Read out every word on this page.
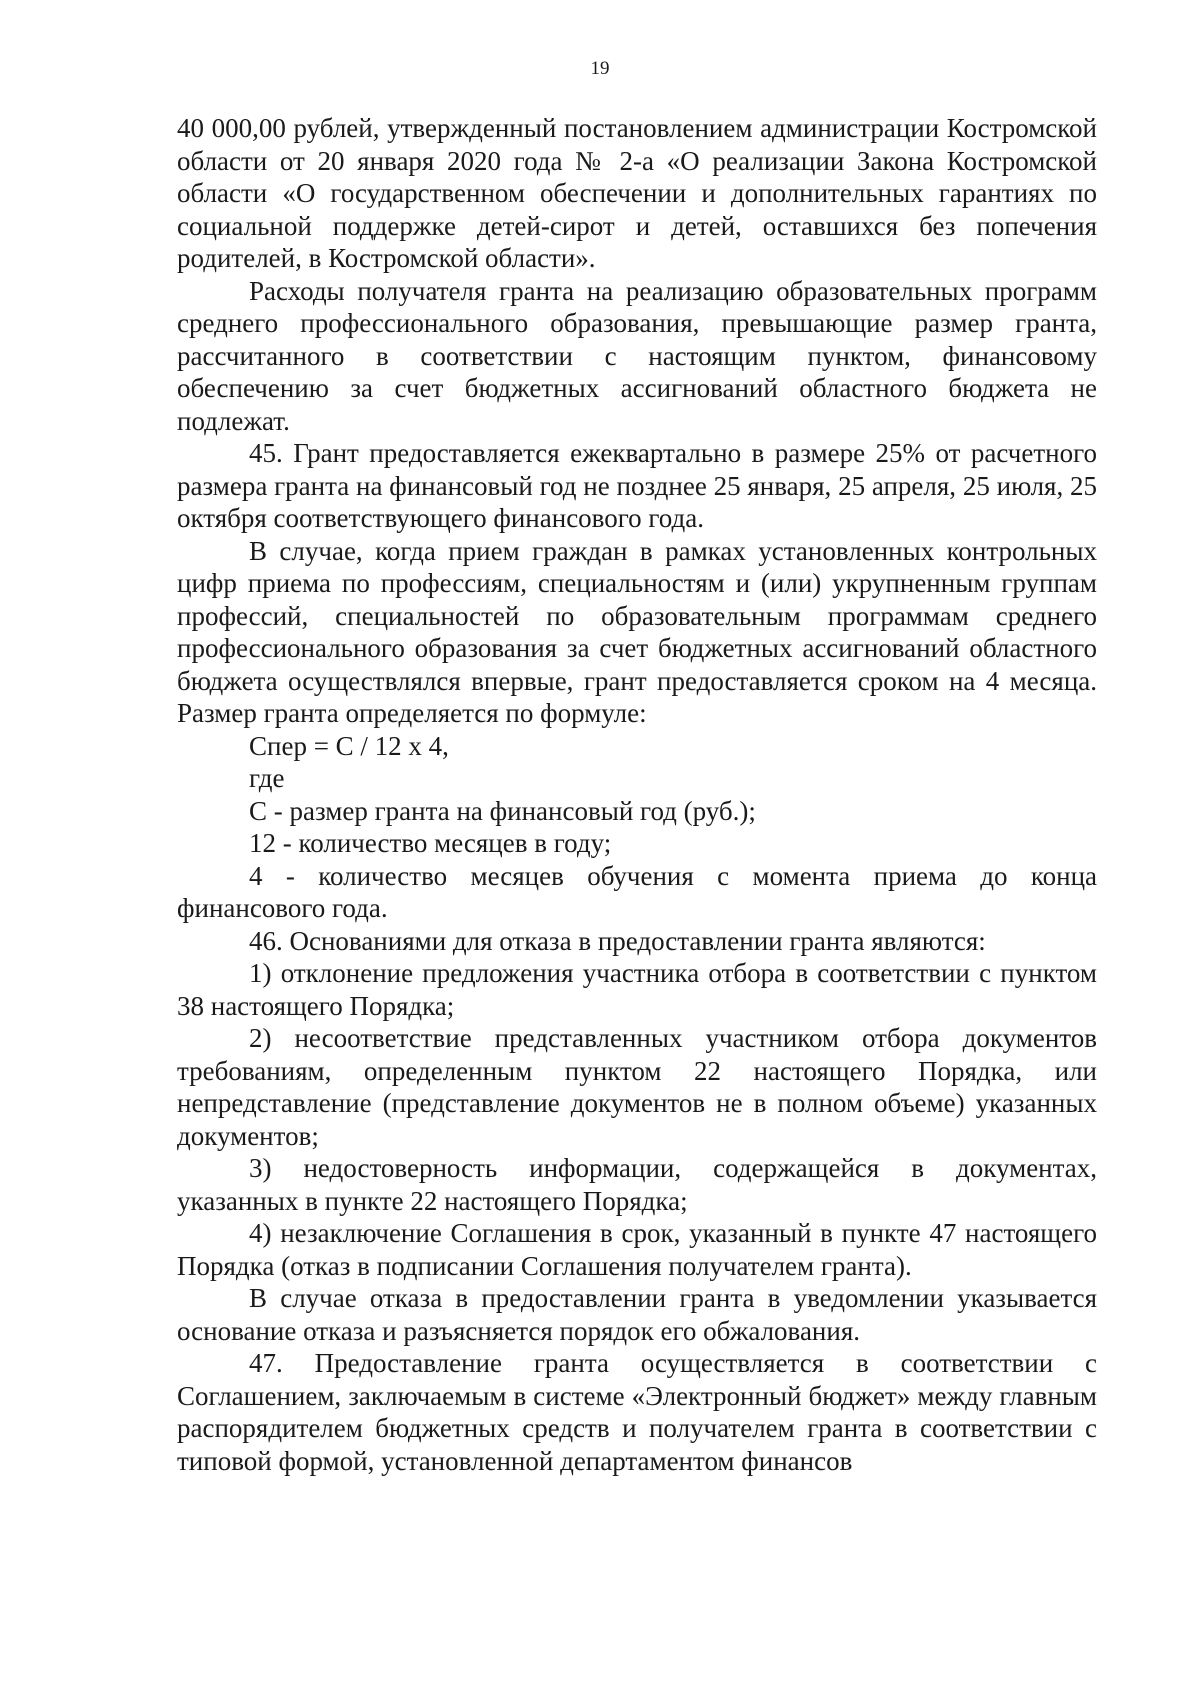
19

40 000,00 рублей, утвержденный постановлением администрации Костромской области от 20 января 2020 года № 2-а «О реализации Закона Костромской области «О государственном обеспечении и дополнительных гарантиях по социальной поддержке детей-сирот и детей, оставшихся без попечения родителей, в Костромской области».

Расходы получателя гранта на реализацию образовательных программ среднего профессионального образования, превышающие размер гранта, рассчитанного в соответствии с настоящим пунктом, финансовому обеспечению за счет бюджетных ассигнований областного бюджета не подлежат.

45. Грант предоставляется ежеквартально в размере 25% от расчетного размера гранта на финансовый год не позднее 25 января, 25 апреля, 25 июля, 25 октября соответствующего финансового года.

В случае, когда прием граждан в рамках установленных контрольных цифр приема по профессиям, специальностям и (или) укрупненным группам профессий, специальностей по образовательным программам среднего профессионального образования за счет бюджетных ассигнований областного бюджета осуществлялся впервые, грант предоставляется сроком на 4 месяца. Размер гранта определяется по формуле:

Спер = С / 12 х 4,

где

С - размер гранта на финансовый год (руб.);

12 - количество месяцев в году;

4 - количество месяцев обучения с момента приема до конца финансового года.

46. Основаниями для отказа в предоставлении гранта являются:

1) отклонение предложения участника отбора в соответствии с пунктом 38 настоящего Порядка;

2) несоответствие представленных участником отбора документов требованиям, определенным пунктом 22 настоящего Порядка, или непредставление (представление документов не в полном объеме) указанных документов;

3) недостоверность информации, содержащейся в документах, указанных в пункте 22 настоящего Порядка;

4) незаключение Соглашения в срок, указанный в пункте 47 настоящего Порядка (отказ в подписании Соглашения получателем гранта).

В случае отказа в предоставлении гранта в уведомлении указывается основание отказа и разъясняется порядок его обжалования.

47. Предоставление гранта осуществляется в соответствии с Соглашением, заключаемым в системе «Электронный бюджет» между главным распорядителем бюджетных средств и получателем гранта в соответствии с типовой формой, установленной департаментом финансов
